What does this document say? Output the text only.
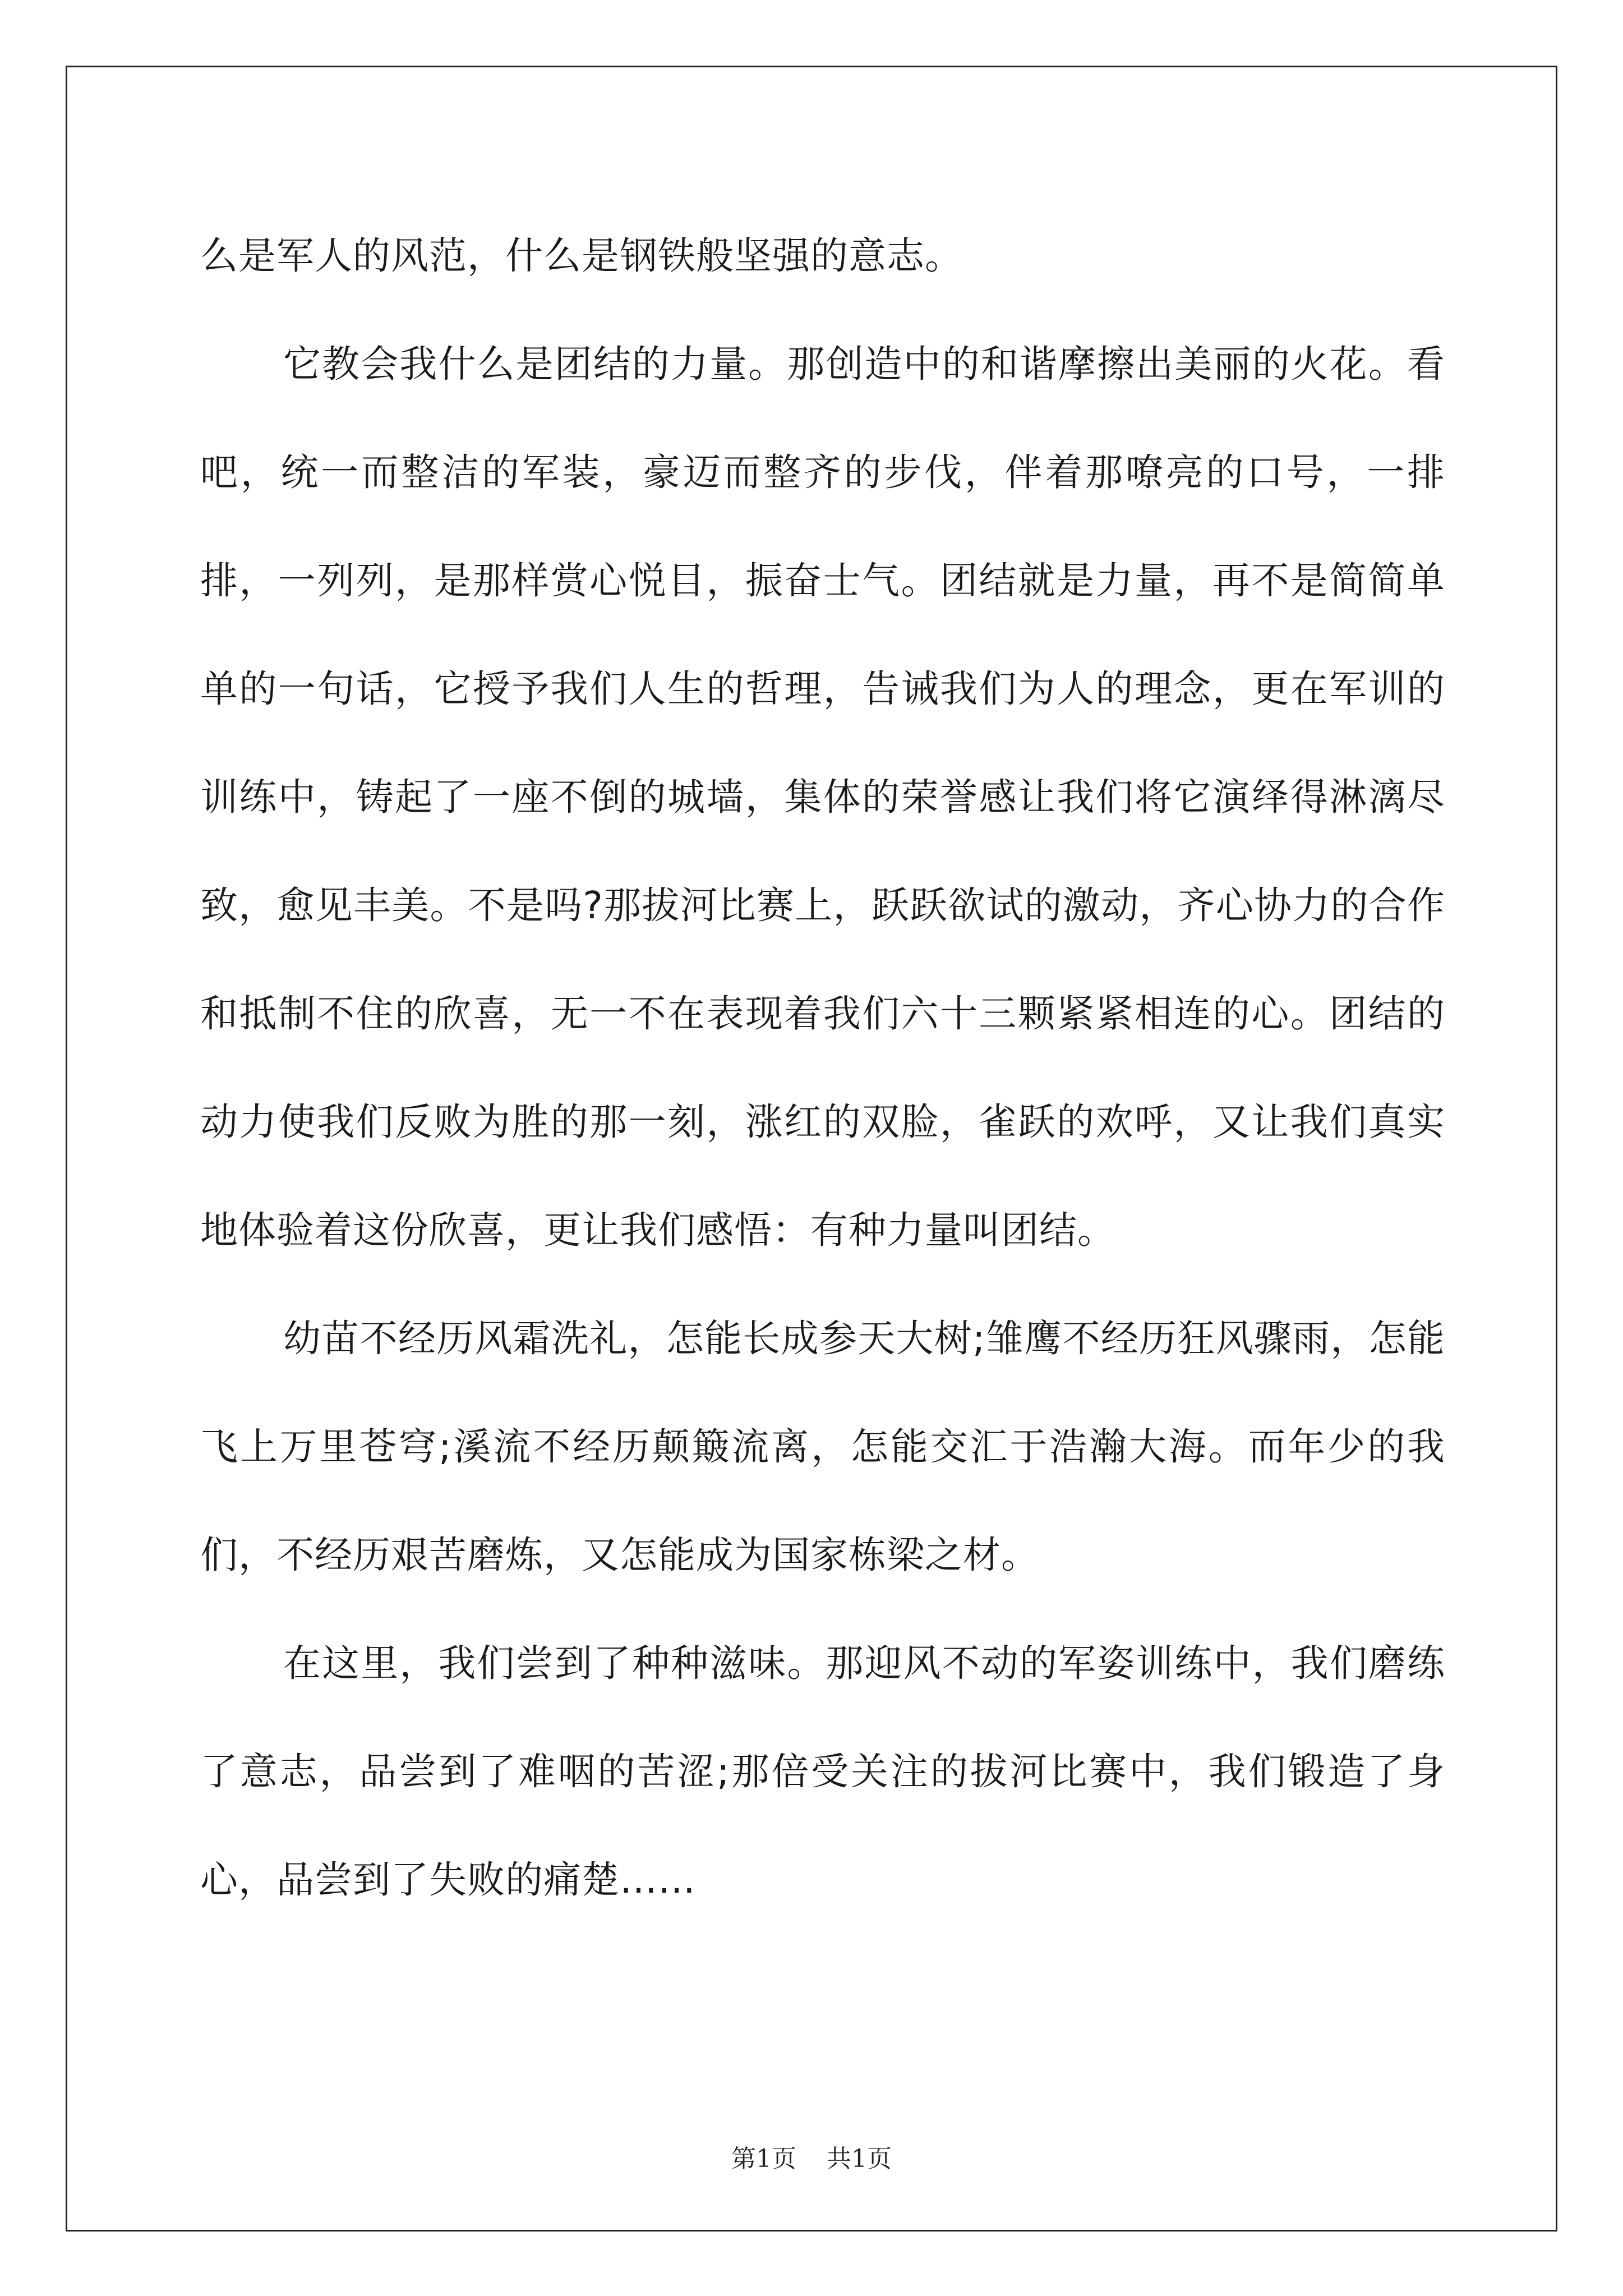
么是军人的风范，什么是钢铁般坚强的意志。

它教会我什么是团结的力量。那创造中的和谐摩擦出美丽的火花。看吧，统一而整洁的军装，豪迈而整齐的步伐，伴着那嘹亮的口号，一排排，一列列，是那样赏心悦目，振奋士气。团结就是力量，再不是简简单单的一句话，它授予我们人生的哲理，告诫我们为人的理念，更在军训的训练中，铸起了一座不倒的城墙，集体的荣誉感让我们将它演绎得淋漓尽致，愈见丰美。不是吗?那拔河比赛上，跃跃欲试的激动，齐心协力的合作和抵制不住的欣喜，无一不在表现着我们六十三颗紧紧相连的心。团结的动力使我们反败为胜的那一刻，涨红的双脸，雀跃的欢呼，又让我们真实地体验着这份欣喜，更让我们感悟：有种力量叫团结。

幼苗不经历风霜洗礼，怎能长成参天大树;雏鹰不经历狂风骤雨，怎能飞上万里苍穹;溪流不经历颠簸流离，怎能交汇于浩瀚大海。而年少的我们，不经历艰苦磨炼，又怎能成为国家栋梁之材。

在这里，我们尝到了种种滋味。那迎风不动的军姿训练中，我们磨练了意志，品尝到了难咽的苦涩;那倍受关注的拔河比赛中，我们锻造了身心，品尝到了失败的痛楚……

第1页 共1页
